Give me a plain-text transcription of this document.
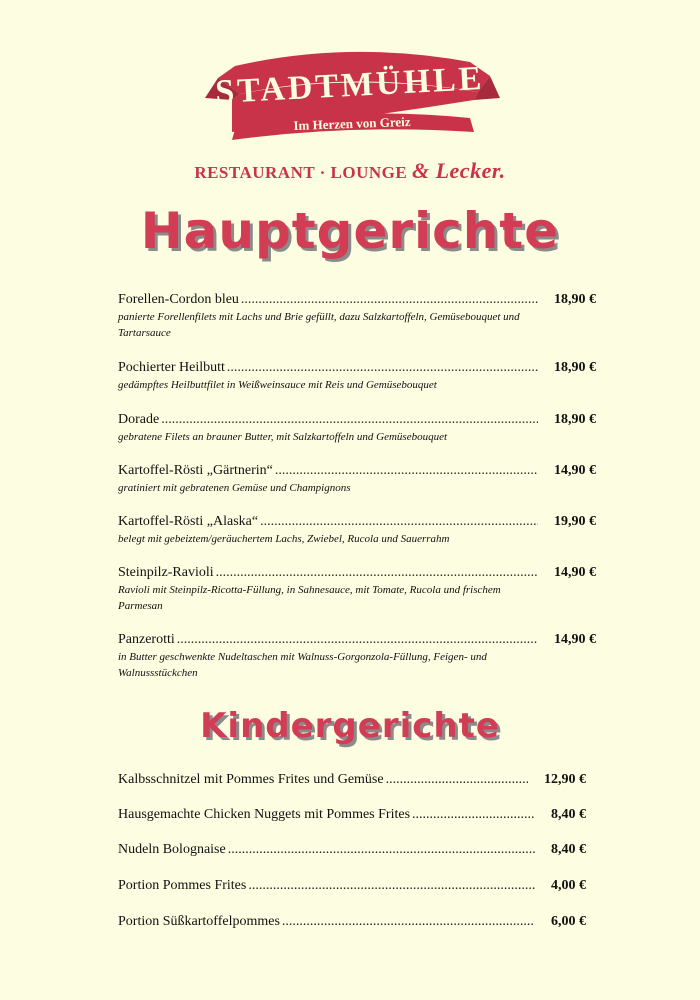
STADTMÜHLE
Im Herzen von Greiz
RESTAURANT · LOUNGE & Lecker.
Hauptgerichte
Forellen-Cordon bleu .....	18,90 €
panierte Forellenfilets mit Lachs und Brie gefüllt, dazu Salzkartoffeln, Gemüsebouquet und Tartarsauce
Pochierter Heilbutt .....	18,90 €
gedämpftes Heilbuttfilet in Weißweinsauce mit Reis und Gemüsebouquet
Dorade .....	18,90 €
gebratene Filets an brauner Butter, mit Salzkartoffeln und Gemüsebouquet
Kartoffel-Rösti „Gärtnerin“ .....	14,90 €
gratiniert mit gebratenen Gemüse und Champignons
Kartoffel-Rösti „Alaska“ .....	19,90 €
belegt mit gebeiztem/geräuchertem Lachs, Zwiebel, Rucola und Sauerrahm
Steinpilz-Ravioli .....	14,90 €
Ravioli mit Steinpilz-Ricotta-Füllung, in Sahnesauce, mit Tomate, Rucola und frischem Parmesan
Panzerotti .....	14,90 €
in Butter geschwenkte Nudeltaschen mit Walnuss-Gorgonzola-Füllung, Feigen- und Walnussstückchen
Kindergerichte
Kalbsschnitzel mit Pommes Frites und Gemüse .....	12,90 €
Hausgemachte Chicken Nuggets mit Pommes Frites .....	8,40 €
Nudeln Bolognaise .....	8,40 €
Portion Pommes Frites .....	4,00 €
Portion Süßkartoffelpommes .....	6,00 €
